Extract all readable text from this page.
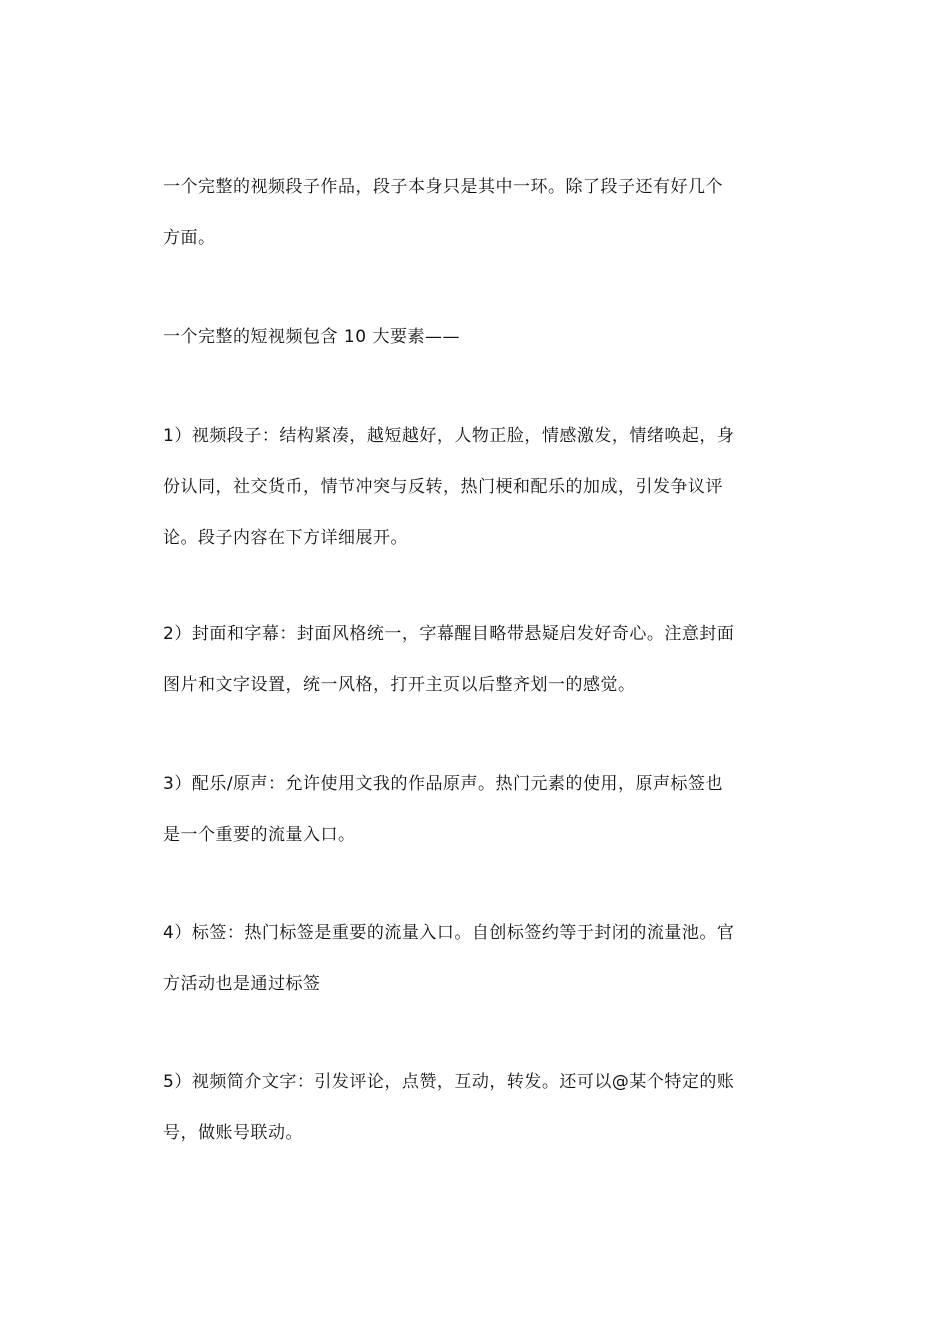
一个完整的视频段子作品，段子本身只是其中一环。除了段子还有好几个
方面。
一个完整的短视频包含 10 大要素——
1）视频段子：结构紧凑，越短越好，人物正脸，情感激发，情绪唤起，身
份认同，社交货币，情节冲突与反转，热门梗和配乐的加成，引发争议评
论。段子内容在下方详细展开。
2）封面和字幕：封面风格统一，字幕醒目略带悬疑启发好奇心。注意封面
图片和文字设置，统一风格，打开主页以后整齐划一的感觉。
3）配乐/原声：允许使用文我的作品原声。热门元素的使用，原声标签也
是一个重要的流量入口。
4）标签：热门标签是重要的流量入口。自创标签约等于封闭的流量池。官
方活动也是通过标签
5）视频简介文字：引发评论，点赞，互动，转发。还可以@某个特定的账
号，做账号联动。
